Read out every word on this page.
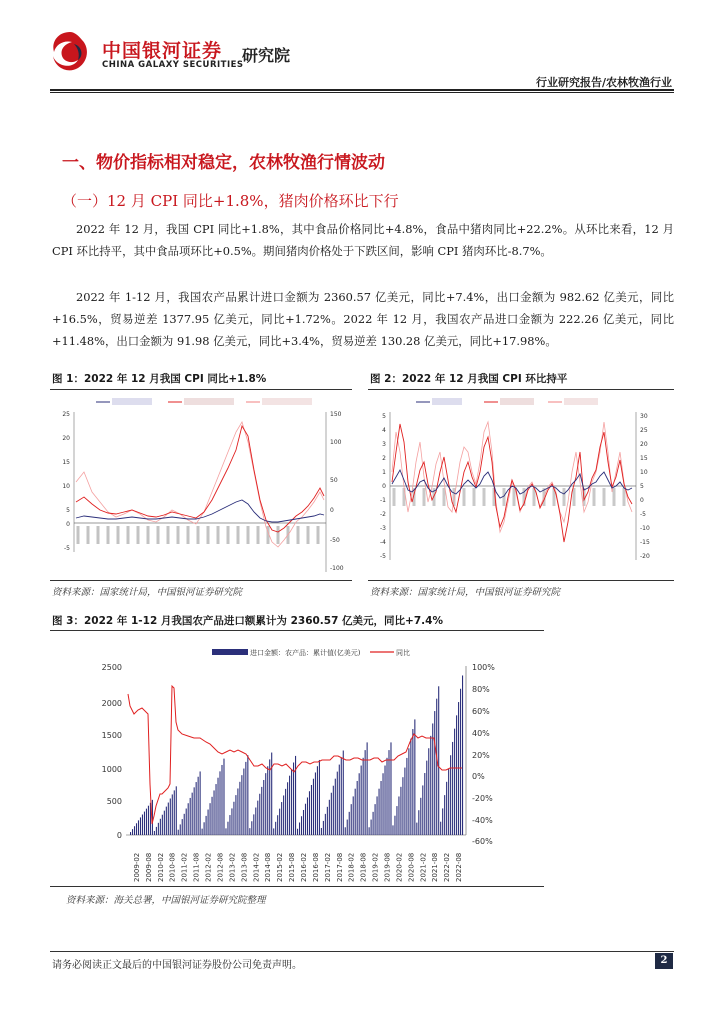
中国银河证券
CHINA GALAXY SECURITIES
研究院
行业研究报告/农林牧渔行业
一、物价指标相对稳定，农林牧渔行情波动
（一）12 月 CPI 同比+1.8%，猪肉价格环比下行
2022 年 12 月，我国 CPI 同比+1.8%，其中食品价格同比+4.8%，食品中猪肉同比+22.2%。从环比来看，12 月 CPI 环比持平，其中食品项环比+0.5%。期间猪肉价格处于下跌区间，影响 CPI 猪肉环比-8.7%。
2022 年 1-12 月，我国农产品累计进口金额为 2360.57 亿美元，同比+7.4%，出口金额为 982.62 亿美元，同比+16.5%，贸易逆差 1377.95 亿美元，同比+1.72%。2022 年 12 月，我国农产品进口金额为 222.26 亿美元，同比+11.48%，出口金额为 91.98 亿美元，同比+3.4%，贸易逆差 130.28 亿美元，同比+17.98%。
图 1：2022 年 12 月我国 CPI 同比+1.8%
25
20
15
10
5
0
-5
150
100
50
0
-50
-100
资料来源：国家统计局，中国银河证券研究院
图 2：2022 年 12 月我国 CPI 环比持平
5
4
3
2
1
0
-1
-2
-3
-4
-5
30
25
20
15
10
5
0
-5
-10
-15
-20
资料来源：国家统计局，中国银河证券研究院
图 3：2022 年 1-12 月我国农产品进口额累计为 2360.57 亿美元，同比+7.4%
进口金额：农产品：累计值(亿美元)	同比
2500
2000
1500
1000
500
0
100%
80%
60%
40%
20%
0%
-20%
-40%
-60%
2009-02 2009-08 2010-02 2010-08 2011-02 2011-08 2012-02 2012-08 2013-02 2013-08 2014-02 2014-08 2015-02 2015-08 2016-02 2016-08 2017-02 2017-08 2018-02 2018-08 2019-02 2019-08 2020-02 2020-08 2021-02 2021-08 2022-02 2022-08
资料来源：海关总署，中国银河证券研究院整理
请务必阅读正文最后的中国银河证券股份公司免责声明。	2
